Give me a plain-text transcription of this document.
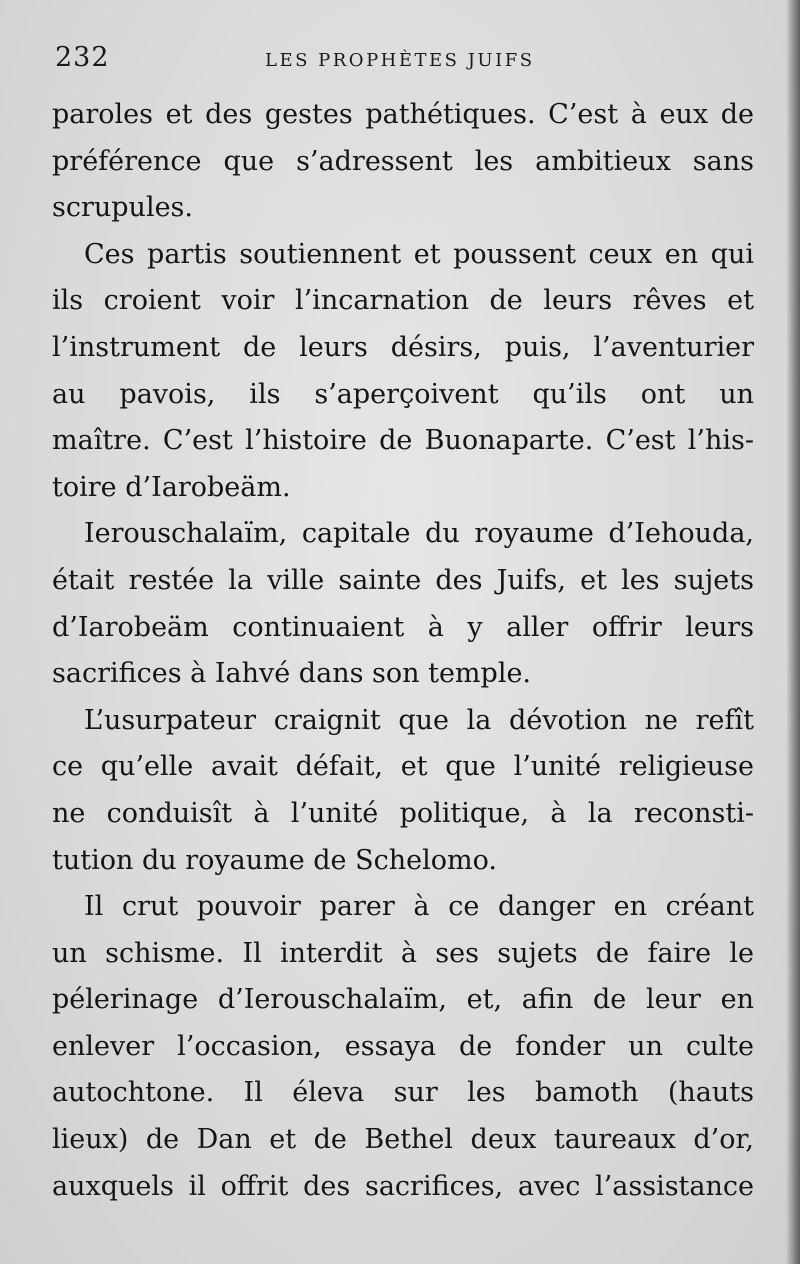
232	LES PROPHÈTES JUIFS

paroles et des gestes pathétiques. C’est à eux de
préférence que s’adressent les ambitieux sans
scrupules.

Ces partis soutiennent et poussent ceux en qui
ils croient voir l’incarnation de leurs rêves et
l’instrument de leurs désirs, puis, l’aventurier
au pavois, ils s’aperçoivent qu’ils ont un
maître. C’est l’histoire de Buonaparte. C’est l’his-
toire d’Iarobeäm.

Ierouschalaïm, capitale du royaume d’Iehouda,
était restée la ville sainte des Juifs, et les sujets
d’Iarobeäm continuaient à y aller offrir leurs
sacrifices à Iahvé dans son temple.

L’usurpateur craignit que la dévotion ne refît
ce qu’elle avait défait, et que l’unité religieuse
ne conduisît à l’unité politique, à la reconsti-
tution du royaume de Schelomo.

Il crut pouvoir parer à ce danger en créant
un schisme. Il interdit à ses sujets de faire le
pélerinage d’Ierouschalaïm, et, afin de leur en
enlever l’occasion, essaya de fonder un culte
autochtone. Il éleva sur les bamoth (hauts
lieux) de Dan et de Bethel deux taureaux d’or,
auxquels il offrit des sacrifices, avec l’assistance
